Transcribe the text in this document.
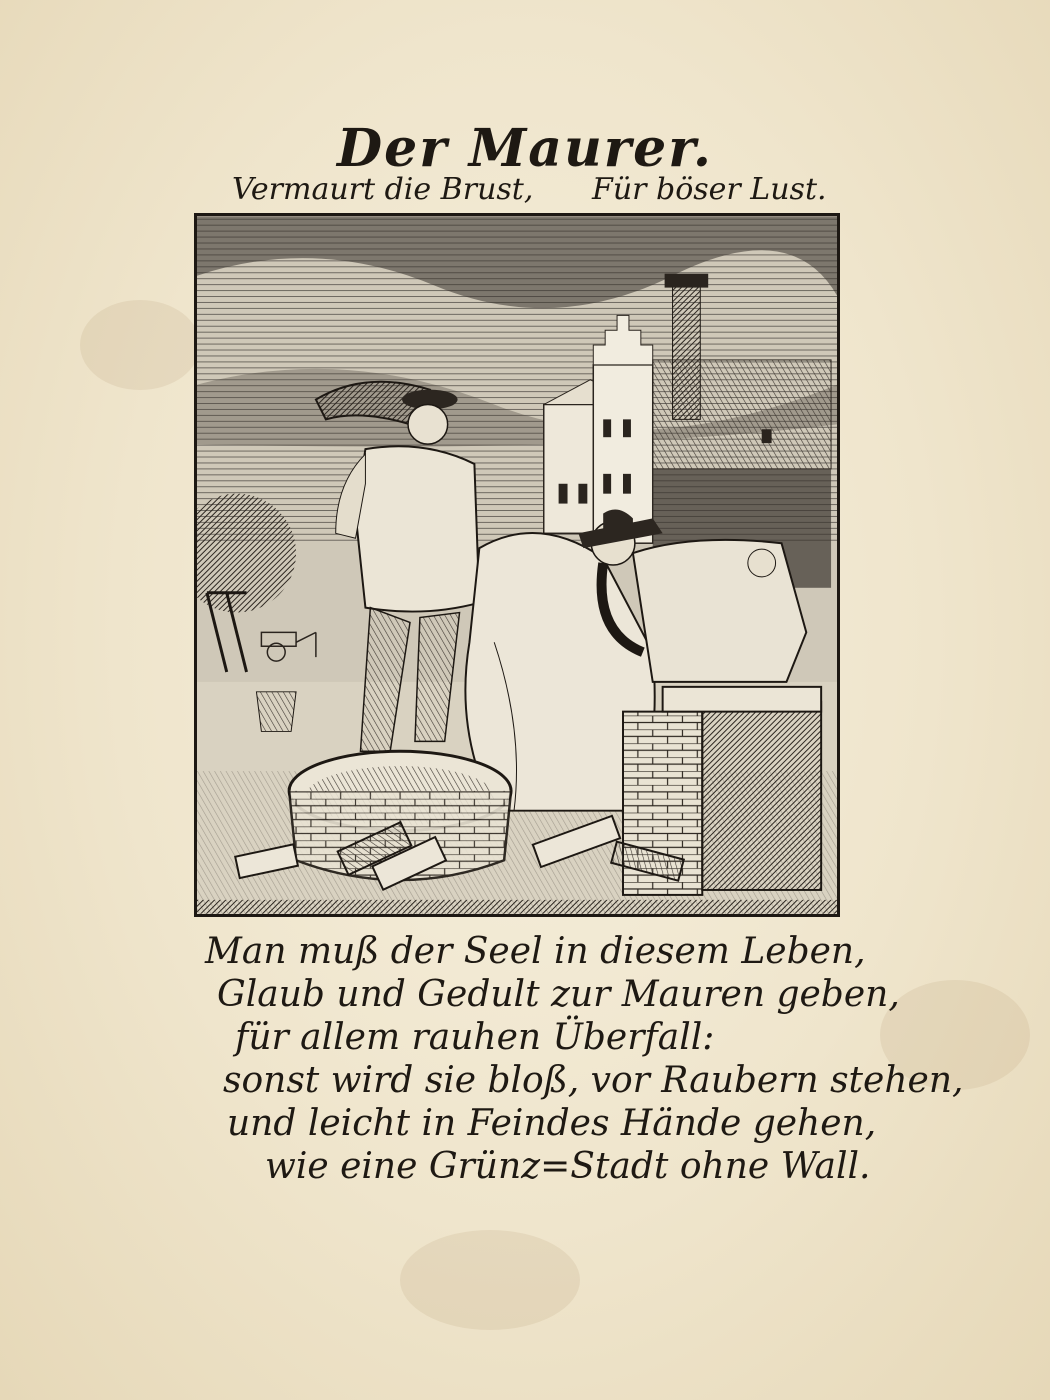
Der Maurer.
Vermaurt die Brust, Für böser Lust.
Man muß der Seel in diesem Leben,
Glaub und Gedult zur Mauren geben,
für allem rauhen Überfall:
sonst wird sie bloß, vor Raubern stehen,
und leicht in Feindes Hände gehen,
wie eine Grünz=Stadt ohne Wall.
